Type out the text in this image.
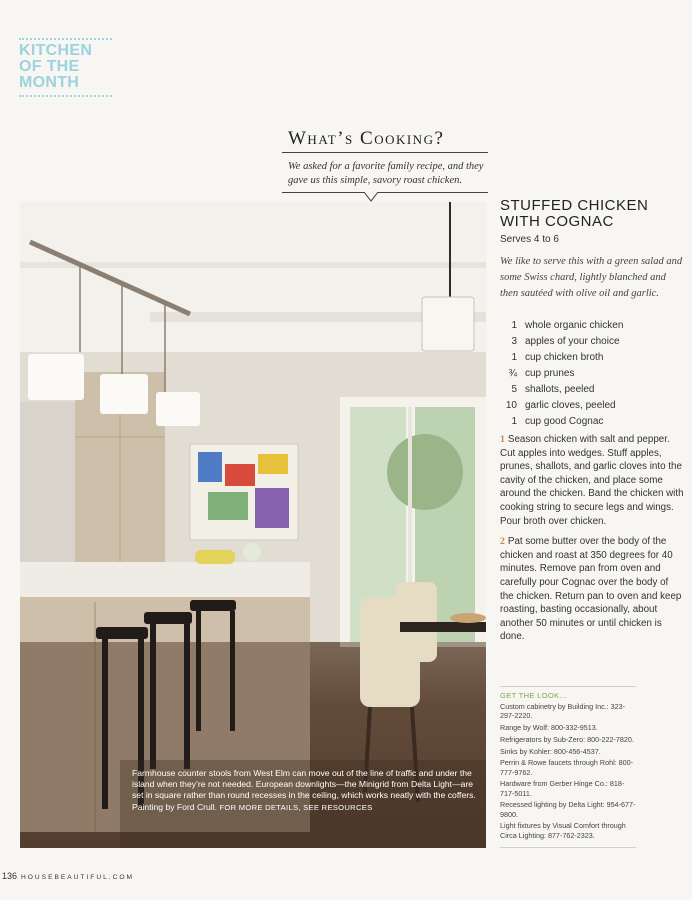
KITCHEN OF THE MONTH
What’s Cooking?
We asked for a favorite family recipe, and they gave us this simple, savory roast chicken.
Farmhouse counter stools from West Elm can move out of the line of traffic and under the island when they’re not needed. European downlights—the Minigrid from Delta Light—are set in square rather than round recesses in the ceiling, which works neatly with the coffers. Painting by Ford Crull. FOR MORE DETAILS, SEE RESOURCES
STUFFED CHICKEN WITH COGNAC
Serves 4 to 6
We like to serve this with a green salad and some Swiss chard, lightly blanched and then sautéed with olive oil and garlic.
1 whole organic chicken
3 apples of your choice
1 cup chicken broth
¾ cup prunes
5 shallots, peeled
10 garlic cloves, peeled
1 cup good Cognac
1 Season chicken with salt and pepper. Cut apples into wedges. Stuff apples, prunes, shallots, and garlic cloves into the cavity of the chicken, and place some around the chicken. Band the chicken with cooking string to secure legs and wings. Pour broth over chicken.
2 Pat some butter over the body of the chicken and roast at 350 degrees for 40 minutes. Remove pan from oven and carefully pour Cognac over the body of the chicken. Return pan to oven and keep roasting, basting occasionally, about another 50 minutes or until chicken is done.
GET THE LOOK...
Custom cabinetry by Building Inc.: 323-297-2220.
Range by Wolf: 800-332-9513.
Refrigerators by Sub-Zero: 800-222-7820.
Sinks by Kohler: 800-456-4537.
Perrin & Rowe faucets through Rohl: 800-777-9762.
Hardware from Gerber Hinge Co.: 818-717-5011.
Recessed lighting by Delta Light: 954-677-9800.
Light fixtures by Visual Comfort through Circa Lighting: 877-762-2323.
136 HOUSEBEAUTIFUL.COM
